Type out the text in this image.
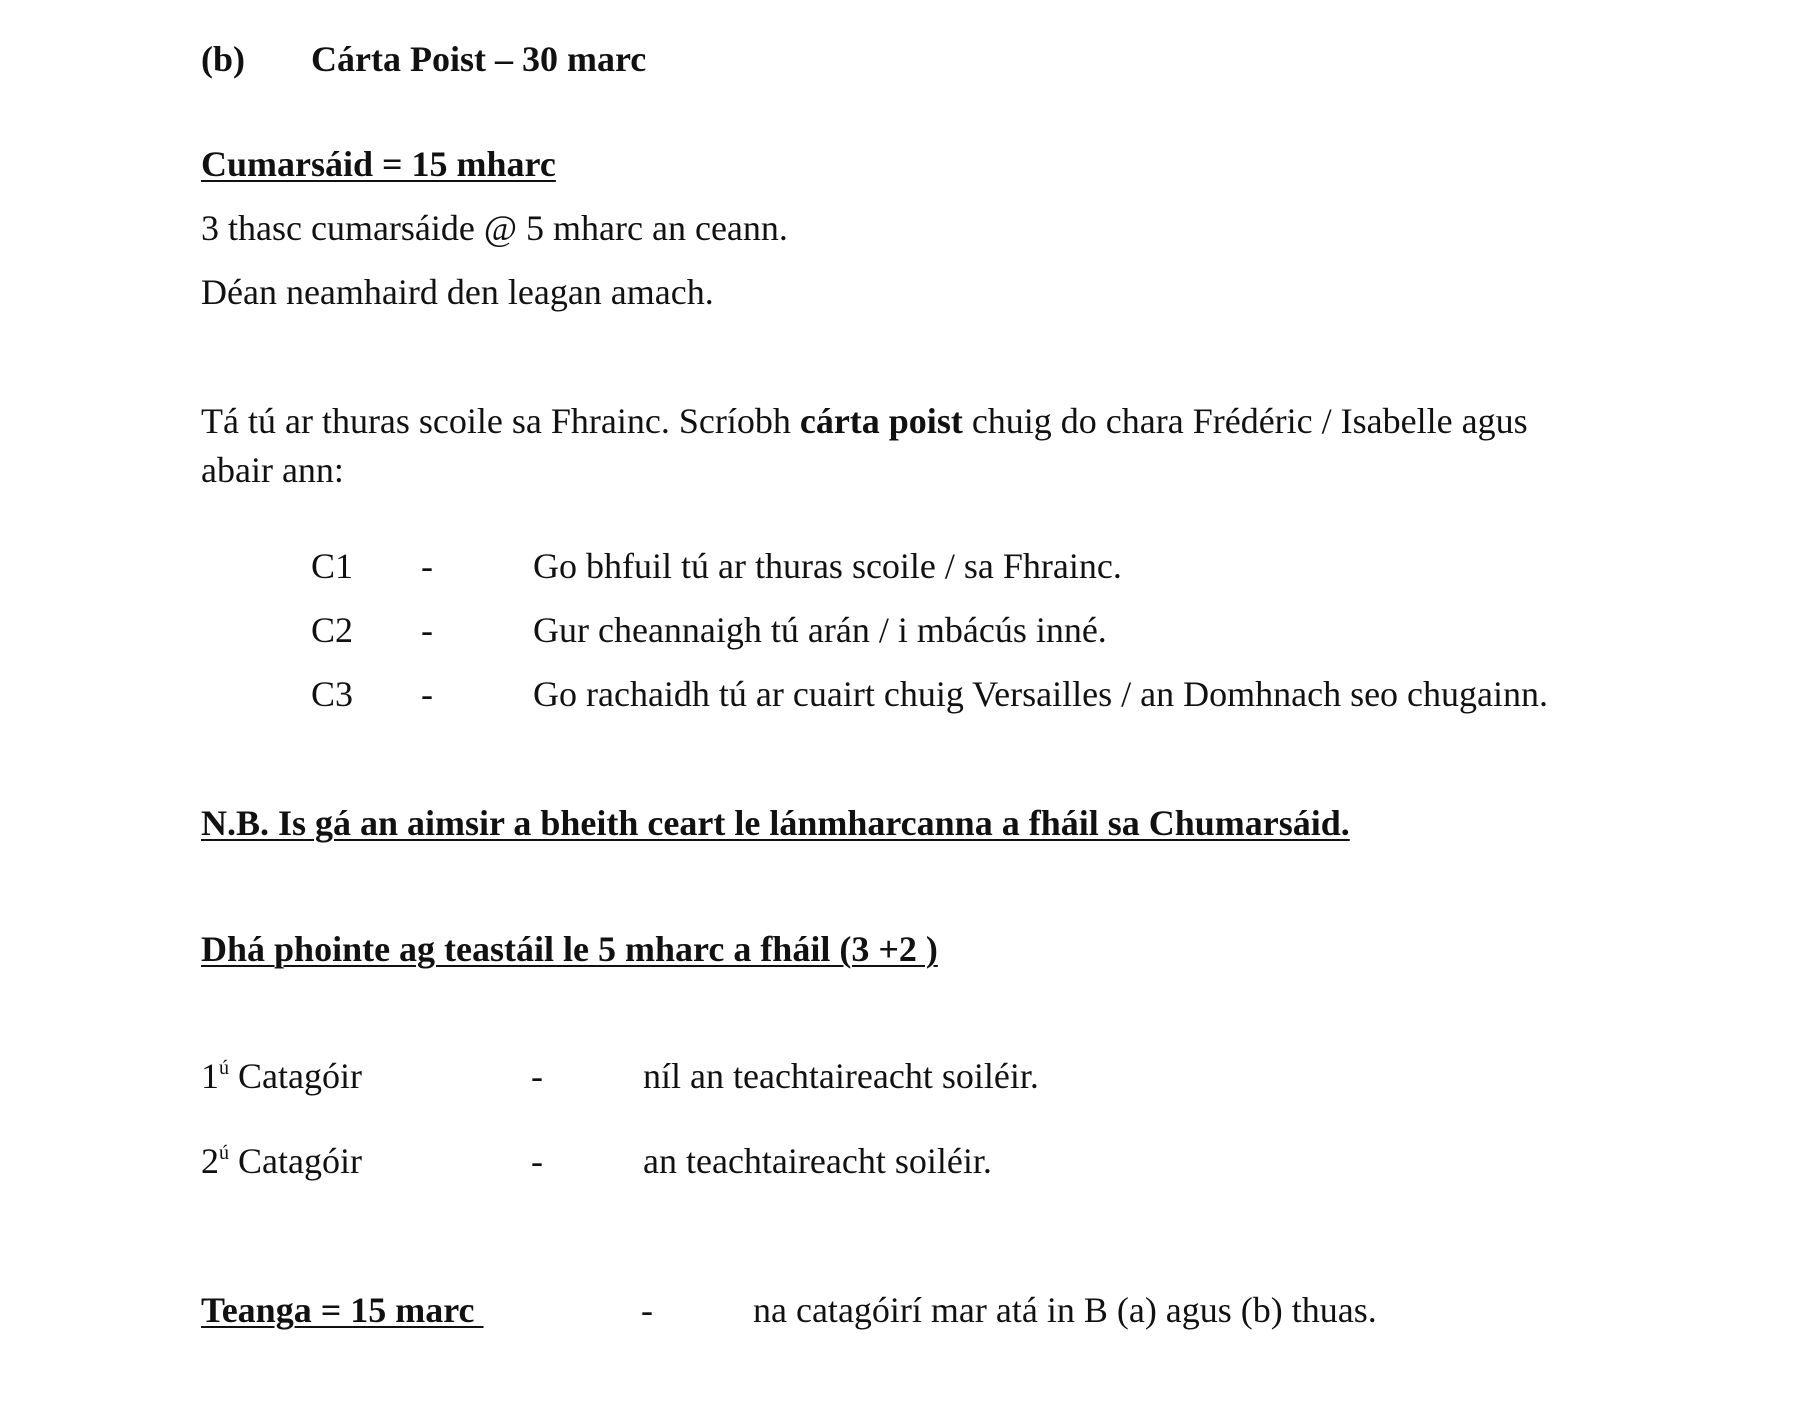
(b) Cárta Poist – 30 marc
Cumarsáid = 15 mharc
3 thasc cumarsáide @ 5 mharc an ceann.
Déan neamhaird den leagan amach.
Tá tú ar thuras scoile sa Fhrainc. Scríobh cárta poist chuig do chara Frédéric / Isabelle agus abair ann:
C1 -	Go bhfuil tú ar thuras scoile / sa Fhrainc.
C2 -	Gur cheannaigh tú arán / i mbácús inné.
C3 -	Go rachaidh tú ar cuairt chuig Versailles / an Domhnach seo chugainn.
N.B. Is gá an aimsir a bheith ceart le lánmharcanna a fháil sa Chumarsáid.
Dhá phointe ag teastáil le 5 mharc a fháil (3 +2 )
$1^ú$ Catagóir	-	níl an teachtaireacht soiléir.
$2^ú$ Catagóir	-	an teachtaireacht soiléir.
Teanga = 15 marc	-	na catagóirí mar atá in B (a) agus (b) thuas.
